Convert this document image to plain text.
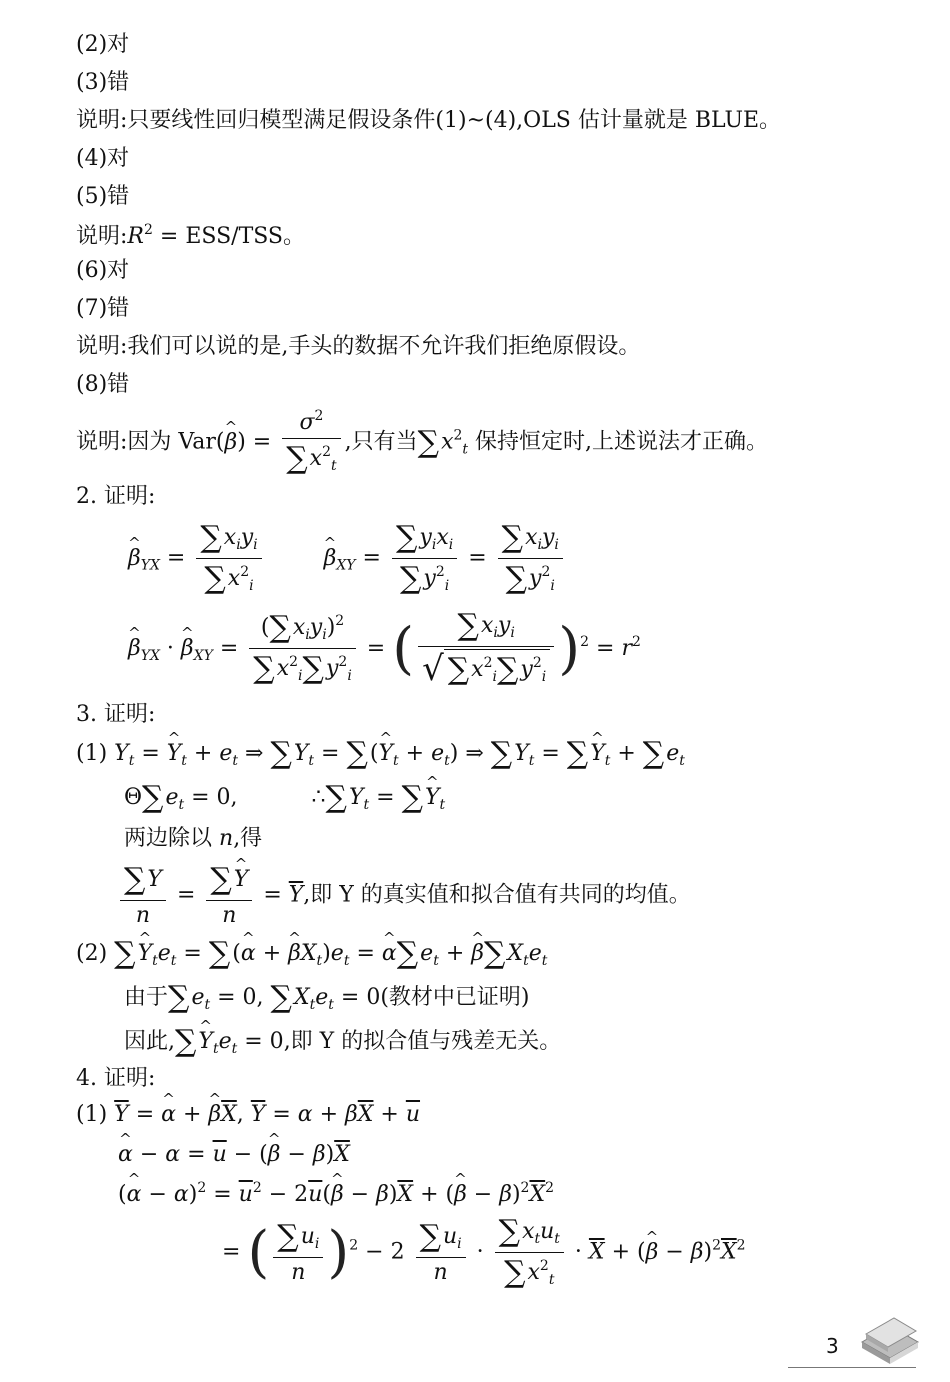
(2)对
(3)错
说明:只要线性回归模型满足假设条件(1)~(4),OLS 估计量就是 BLUE。
(4)对
(5)错
说明$:R^2 = ESS/TSS$。
(6)对
(7)错
说明:我们可以说的是,手头的数据不允许我们拒绝原假设。
(8)错
说明:因为 Var(^ $\beta) = \frac{\sigma^2}{\sum x^2_t}$ ,只有当$\sum x^2_t$ 保持恒定时,上述说法才正确。
2. 证明:
^ $\beta_{YX} = \frac{\sum x_iy_i}{\sum x^2_i}$	^ $\beta_{XY} = \frac{\sum y_ix_i}{\sum y^2_i} = \frac{\sum x_iy_i}{\sum y^2_i}$
^ $\beta_{YX}$ · ^ $\beta_{XY} = \frac{(\sum x_iy_i)^2}{\sum x^2_i\sum y^2_i}$ = ( $\frac{\sum x_iy_i}{√ \sum x^2_i\sum y^2_i} )^2 = r^2$
3. 证明:
(1) $Y_t$ = ^ $Y_t + e_t$ ⇒ $\sum Y_t$ = ∑(^ $Y_t + e_t$) ⇒ $\sum Y_t$ = ∑^ $Y_t + \sum e_t$
$\Theta\sum e_t = 0$,	$\therefore\sum Y_t$ = ∑^ $Y_t$
两边除以 n,得
$\frac{\sum Y}{n} = \frac{\sum\^{} Y}{n} = \overline{Y}$,即 Y 的真实值和拟合值有共同的均值。
(2) ∑^ $Y_te_t$ = ∑(^ α + ^ $\beta X_t)e_t$ = ^ $\alpha\sum e_t$ + ^ $\beta\sum X_te_t$
由于$\sum e_t = 0$, $\sum X_te_t = 0$(教材中已证明)
因此,∑^ $Y_te_t = 0$,即 Y 的拟合值与残差无关。
4. 证明:
(1) $\overline{Y}$ = ^ α + ^ $\beta\overline{X}$, $\overline{Y} = \alpha + \beta\overline{X} + \overline{u}$
^ $\alpha - \alpha = \overline{u}$ − (^ $\beta - \beta)\overline{X}$
(^ $\alpha - \alpha)^2 = \overline{u}^2$ − $2\overline{u}(\^{}$ $\beta - \beta)\overline{X}$ + (^ $\beta - \beta)^2\overline{X}^2$
= ( $\frac{\sum u_i}{n} )^2 - 2 \frac{\sum u_i}{n} \cdot \frac{\sum x_tu_t}{\sum x^2_t} \cdot \overline{X}$ + (^ $\beta - \beta)^2\overline{X}^2$
3
